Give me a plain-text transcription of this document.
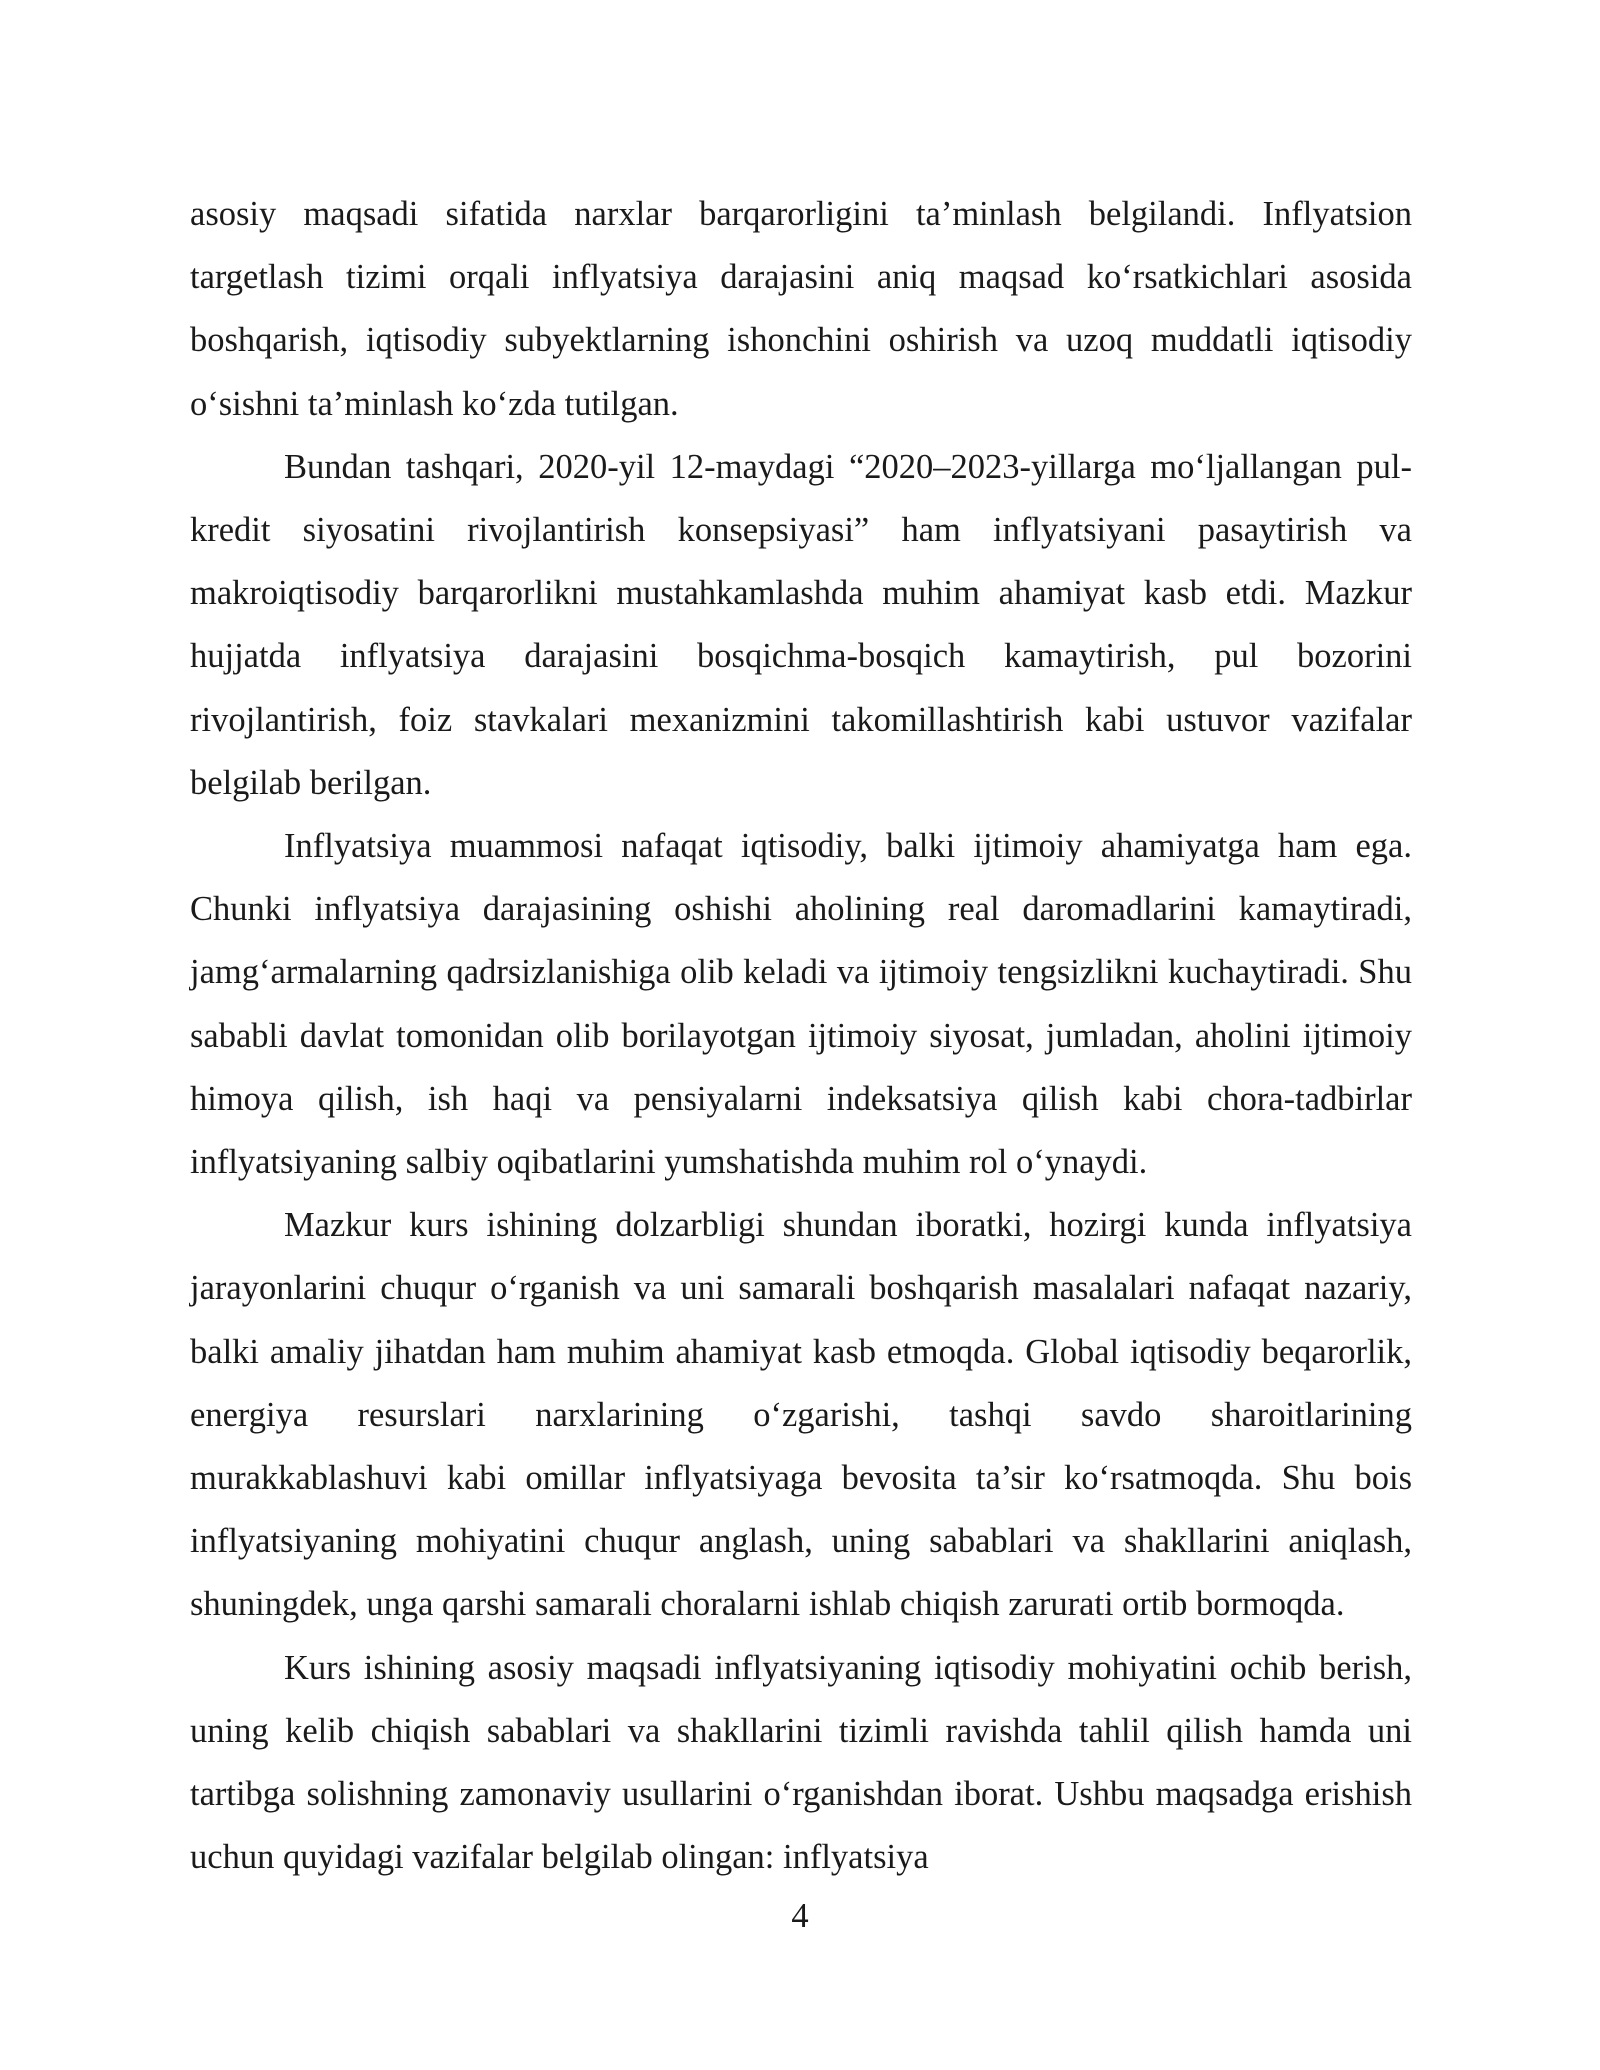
asosiy maqsadi sifatida narxlar barqarorligini ta’minlash belgilandi. Inflyatsion targetlash tizimi orqali inflyatsiya darajasini aniq maqsad ko‘rsatkichlari asosida boshqarish, iqtisodiy subyektlarning ishonchini oshirish va uzoq muddatli iqtisodiy o‘sishni ta’minlash ko‘zda tutilgan.

Bundan tashqari, 2020-yil 12-maydagi “2020–2023-yillarga mo‘ljallangan pul-kredit siyosatini rivojlantirish konsepsiyasi” ham inflyatsiyani pasaytirish va makroiqtisodiy barqarorlikni mustahkamlashda muhim ahamiyat kasb etdi. Mazkur hujjatda inflyatsiya darajasini bosqichma-bosqich kamaytirish, pul bozorini rivojlantirish, foiz stavkalari mexanizmini takomillashtirish kabi ustuvor vazifalar belgilab berilgan.

Inflyatsiya muammosi nafaqat iqtisodiy, balki ijtimoiy ahamiyatga ham ega. Chunki inflyatsiya darajasining oshishi aholining real daromadlarini kamaytiradi, jamg‘armalarning qadrsizlanishiga olib keladi va ijtimoiy tengsizlikni kuchaytiradi. Shu sababli davlat tomonidan olib borilayotgan ijtimoiy siyosat, jumladan, aholini ijtimoiy himoya qilish, ish haqi va pensiyalarni indeksatsiya qilish kabi chora-tadbirlar inflyatsiyaning salbiy oqibatlarini yumshatishda muhim rol o‘ynaydi.

Mazkur kurs ishining dolzarbligi shundan iboratki, hozirgi kunda inflyatsiya jarayonlarini chuqur o‘rganish va uni samarali boshqarish masalalari nafaqat nazariy, balki amaliy jihatdan ham muhim ahamiyat kasb etmoqda. Global iqtisodiy beqarorlik, energiya resurslari narxlarining o‘zgarishi, tashqi savdo sharoitlarining murakkablashuvi kabi omillar inflyatsiyaga bevosita ta’sir ko‘rsatmoqda. Shu bois inflyatsiyaning mohiyatini chuqur anglash, uning sabablari va shakllarini aniqlash, shuningdek, unga qarshi samarali choralarni ishlab chiqish zarurati ortib bormoqda.

Kurs ishining asosiy maqsadi inflyatsiyaning iqtisodiy mohiyatini ochib berish, uning kelib chiqish sabablari va shakllarini tizimli ravishda tahlil qilish hamda uni tartibga solishning zamonaviy usullarini o‘rganishdan iborat. Ushbu maqsadga erishish uchun quyidagi vazifalar belgilab olingan: inflyatsiya

4
